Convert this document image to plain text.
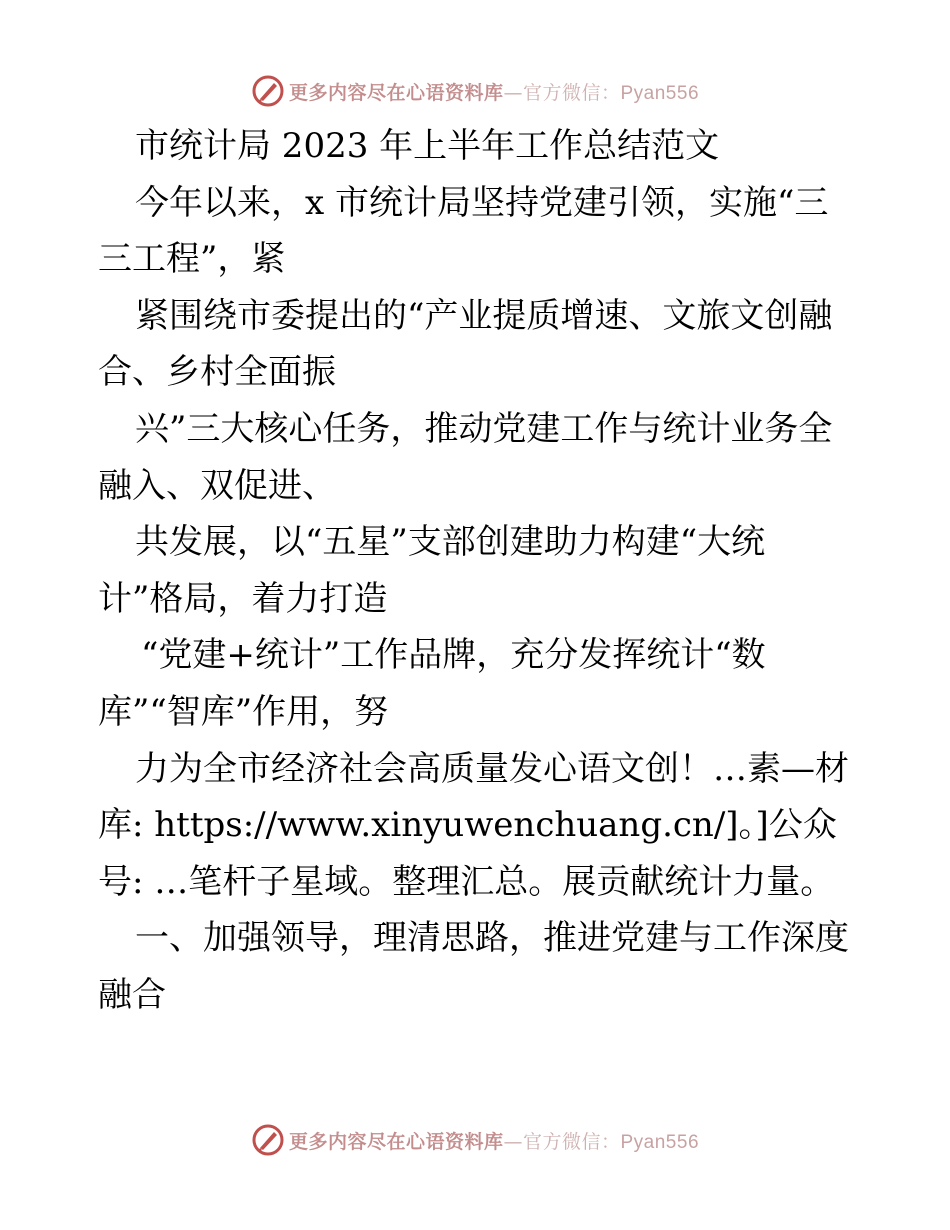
更多内容尽在心语资料库—官方微信：Pyan556
市统计局 2023 年上半年工作总结范文
今年以来，x 市统计局坚持党建引领，实施“三
三工程”，紧
紧围绕市委提出的“产业提质增速、文旅文创融
合、乡村全面振
兴”三大核心任务，推动党建工作与统计业务全
融入、双促进、
共发展，以“五星”支部创建助力构建“大统
计”格局，着力打造
“党建+统计”工作品牌，充分发挥统计“数
库”“智库”作用，努
力为全市经济社会高质量发心语文创！…素—材
库: https://www.xinyuwenchuang.cn/]。]公众
号: …笔杆子星域。整理汇总。展贡献统计力量。
一、加强领导，理清思路，推进党建与工作深度
融合
更多内容尽在心语资料库—官方微信：Pyan556
